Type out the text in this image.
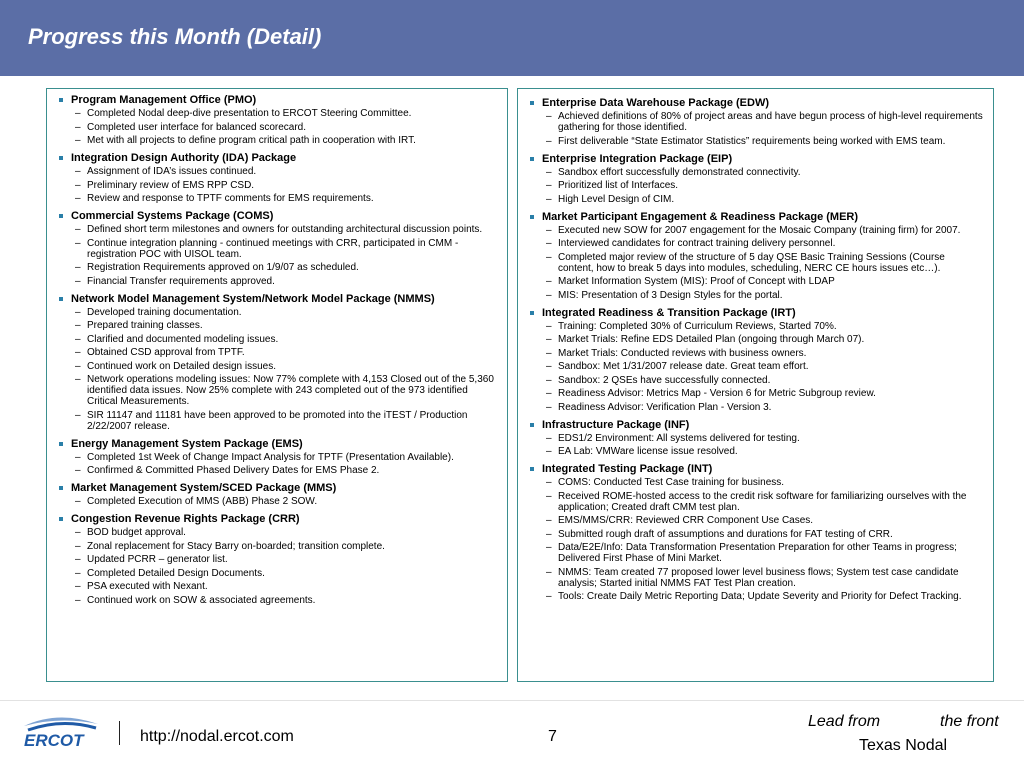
Progress this Month (Detail)
Program Management Office (PMO)
– Completed Nodal deep-dive presentation to ERCOT Steering Committee.
– Completed user interface for balanced scorecard.
– Met with all projects to define program critical path in cooperation with IRT.
Integration Design Authority (IDA) Package
– Assignment of IDA’s issues continued.
– Preliminary review of EMS RPP CSD.
– Review and response to TPTF comments for EMS requirements.
Commercial Systems Package (COMS)
– Defined short term milestones and owners for outstanding architectural discussion points.
– Continue integration planning - continued meetings with CRR, participated in CMM - registration POC with UISOL team.
– Registration Requirements approved on 1/9/07 as scheduled.
– Financial Transfer requirements approved.
Network Model Management System/Network Model Package (NMMS)
– Developed training documentation.
– Prepared training classes.
– Clarified and documented modeling issues.
– Obtained CSD approval from TPTF.
– Continued work on Detailed design issues.
– Network operations modeling issues: Now 77% complete with 4,153 Closed out of the 5,360 identified data issues. Now 25% complete with 243 completed out of the 973 identified Critical Measurements.
– SIR 11147 and 11181 have been approved to be promoted into the iTEST / Production 2/22/2007 release.
Energy Management System Package (EMS)
– Completed 1st Week of Change Impact Analysis for TPTF (Presentation Available).
– Confirmed & Committed Phased Delivery Dates for EMS Phase 2.
Market Management System/SCED Package (MMS)
– Completed Execution of MMS (ABB) Phase 2 SOW.
Congestion Revenue Rights Package (CRR)
– BOD budget approval.
– Zonal replacement for Stacy Barry on-boarded; transition complete.
– Updated PCRR – generator list.
– Completed Detailed Design Documents.
– PSA executed with Nexant.
– Continued work on SOW & associated agreements.
Enterprise Data Warehouse Package (EDW)
– Achieved definitions of 80% of project areas and have begun process of high-level requirements gathering for those identified.
– First deliverable “State Estimator Statistics” requirements being worked with EMS team.
Enterprise Integration Package (EIP)
– Sandbox effort successfully demonstrated connectivity.
– Prioritized list of Interfaces.
– High Level Design of CIM.
Market Participant Engagement & Readiness Package (MER)
– Executed new SOW for 2007 engagement for the Mosaic Company (training firm) for 2007.
– Interviewed candidates for contract training delivery personnel.
– Completed major review of the structure of 5 day QSE Basic Training Sessions (Course content, how to break 5 days into modules, scheduling, NERC CE hours issues etc…).
– Market Information System (MIS): Proof of Concept with LDAP
– MIS: Presentation of 3 Design Styles for the portal.
Integrated Readiness & Transition Package (IRT)
– Training: Completed 30% of Curriculum Reviews, Started 70%.
– Market Trials: Refine EDS Detailed Plan (ongoing through March 07).
– Market Trials: Conducted reviews with business owners.
– Sandbox: Met 1/31/2007 release date. Great team effort.
– Sandbox: 2 QSEs have successfully connected.
– Readiness Advisor: Metrics Map - Version 6 for Metric Subgroup review.
– Readiness Advisor: Verification Plan - Version 3.
Infrastructure Package (INF)
– EDS1/2 Environment: All systems delivered for testing.
– EA Lab: VMWare license issue resolved.
Integrated Testing Package (INT)
– COMS: Conducted Test Case training for business.
– Received ROME-hosted access to the credit risk software for familiarizing ourselves with the application; Created draft CMM test plan.
– EMS/MMS/CRR: Reviewed CRR Component Use Cases.
– Submitted rough draft of assumptions and durations for FAT testing of CRR.
– Data/E2E/Info: Data Transformation Presentation Preparation for other Teams in progress; Delivered First Phase of Mini Market.
– NMMS: Team created 77 proposed lower level business flows; System test case candidate analysis; Started initial NMMS FAT Test Plan creation.
– Tools: Create Daily Metric Reporting Data; Update Severity and Priority for Defect Tracking.
ERCOT	http://nodal.ercot.com	7
Lead from	the front
Texas Nodal
